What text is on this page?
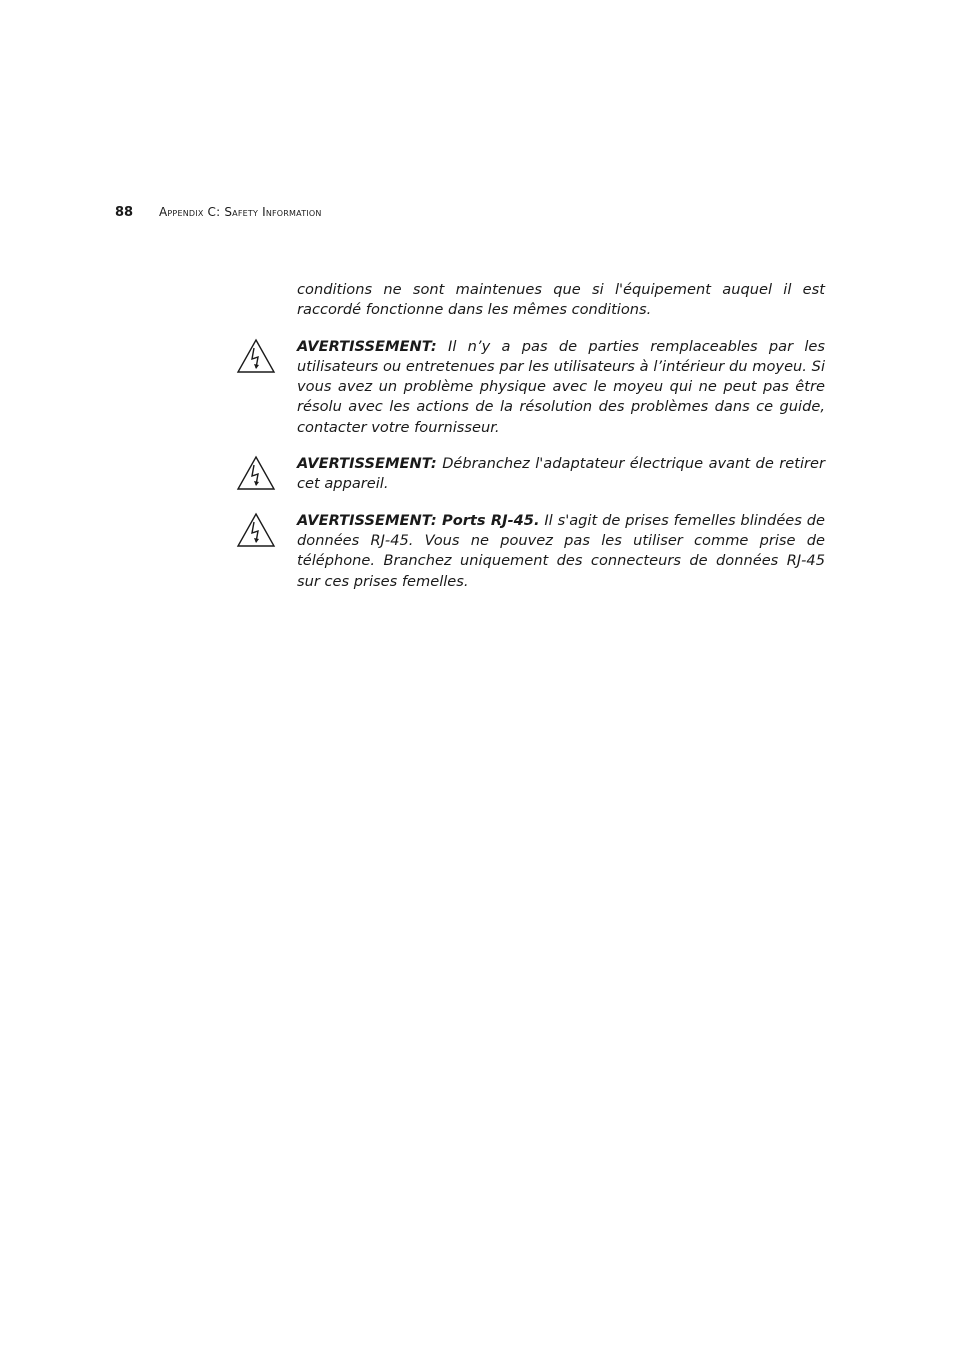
88	Appendix C: Safety Information

conditions ne sont maintenues que si l'équipement auquel il est raccordé fonctionne dans les mêmes conditions.

AVERTISSEMENT: Il n’y a pas de parties remplaceables par les utilisateurs ou entretenues par les utilisateurs à l’intérieur du moyeu. Si vous avez un problème physique avec le moyeu qui ne peut pas être résolu avec les actions de la résolution des problèmes dans ce guide, contacter votre fournisseur.

AVERTISSEMENT: Débranchez l'adaptateur électrique avant de retirer cet appareil.

AVERTISSEMENT: Ports RJ-45. Il s'agit de prises femelles blindées de données RJ-45. Vous ne pouvez pas les utiliser comme prise de téléphone. Branchez uniquement des connecteurs de données RJ-45 sur ces prises femelles.
